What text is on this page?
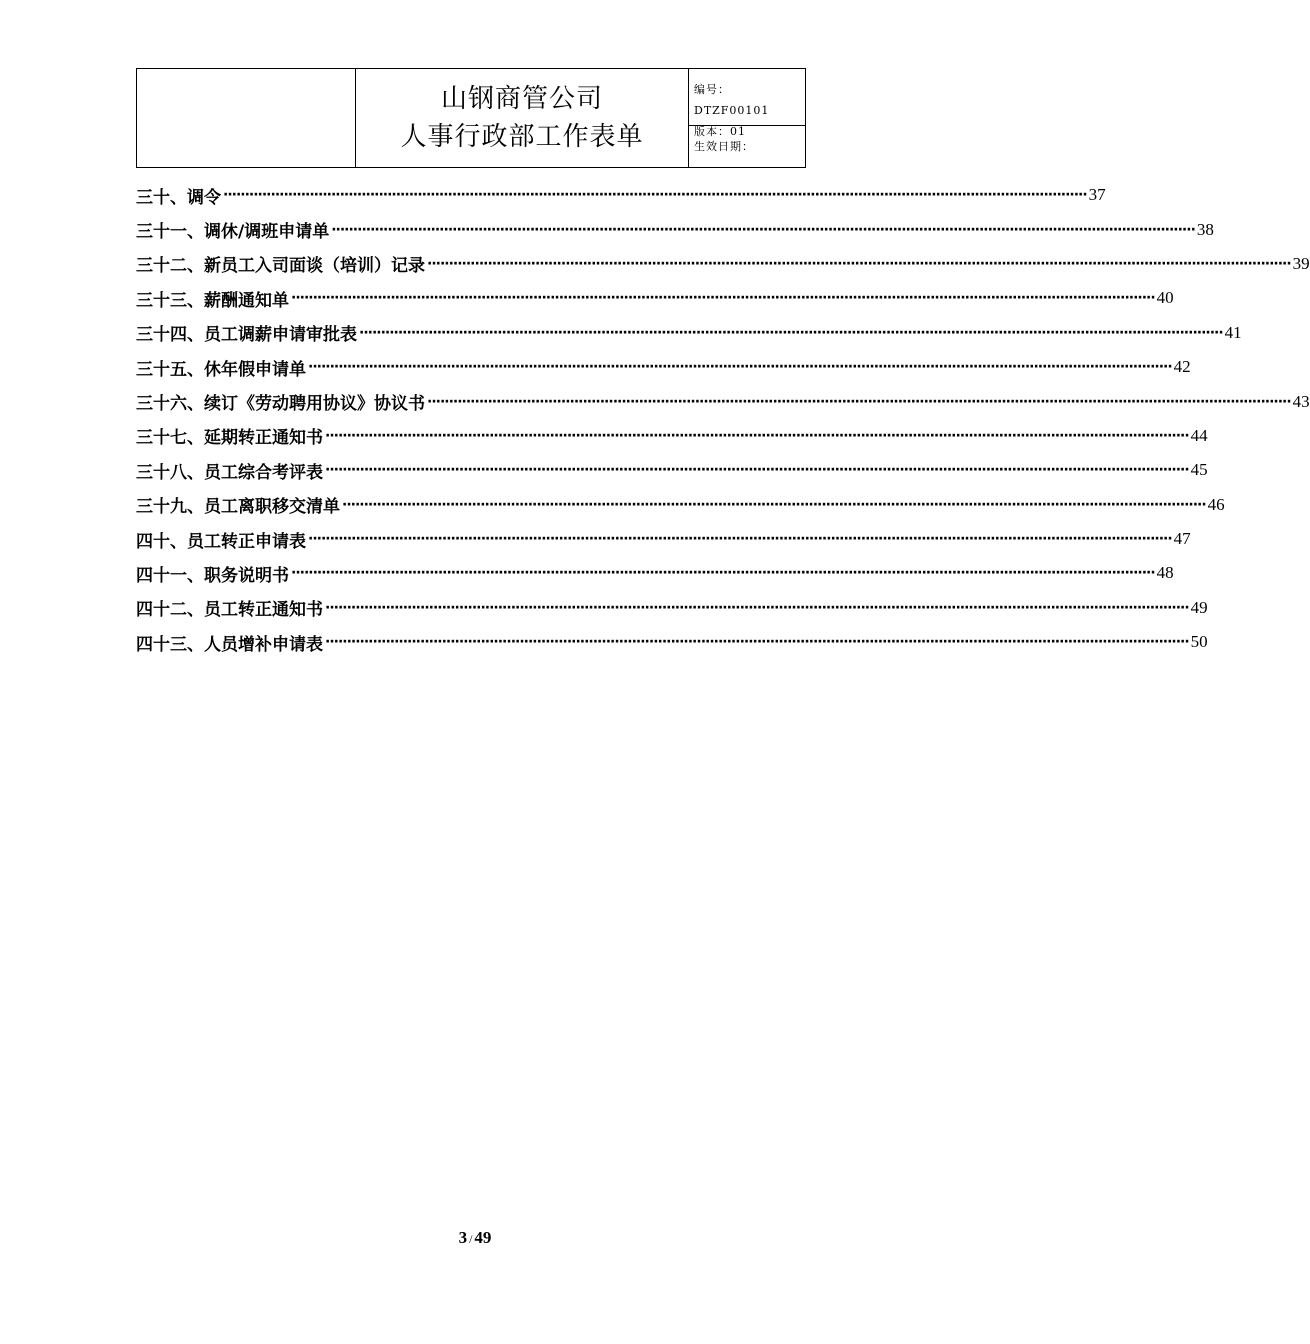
山钢商管公司
人事行政部工作表单
编号：DTZF00101
版本：01
生效日期：
三十、 调令 ········································································································································································································ 37
三十一、 调休/调班申请单 ········································································································································································································ 38
三十二、 新员工入司面谈（培训）记录 ········································································································································································································ 39
三十三、 薪酬通知单 ········································································································································································································ 40
三十四、 员工调薪申请审批表 ········································································································································································································ 41
三十五、 休年假申请单 ········································································································································································································ 42
三十六、 续订《劳动聘用协议》协议书 ········································································································································································································ 43
三十七、 延期转正通知书 ········································································································································································································ 44
三十八、 员工综合考评表 ········································································································································································································ 45
三十九、 员工离职移交清单 ········································································································································································································ 46
四十、 员工转正申请表 ········································································································································································································ 47
四十一、 职务说明书 ········································································································································································································ 48
四十二、 员工转正通知书 ········································································································································································································ 49
四十三、 人员增补申请表 ········································································································································································································ 50
3 / 49
